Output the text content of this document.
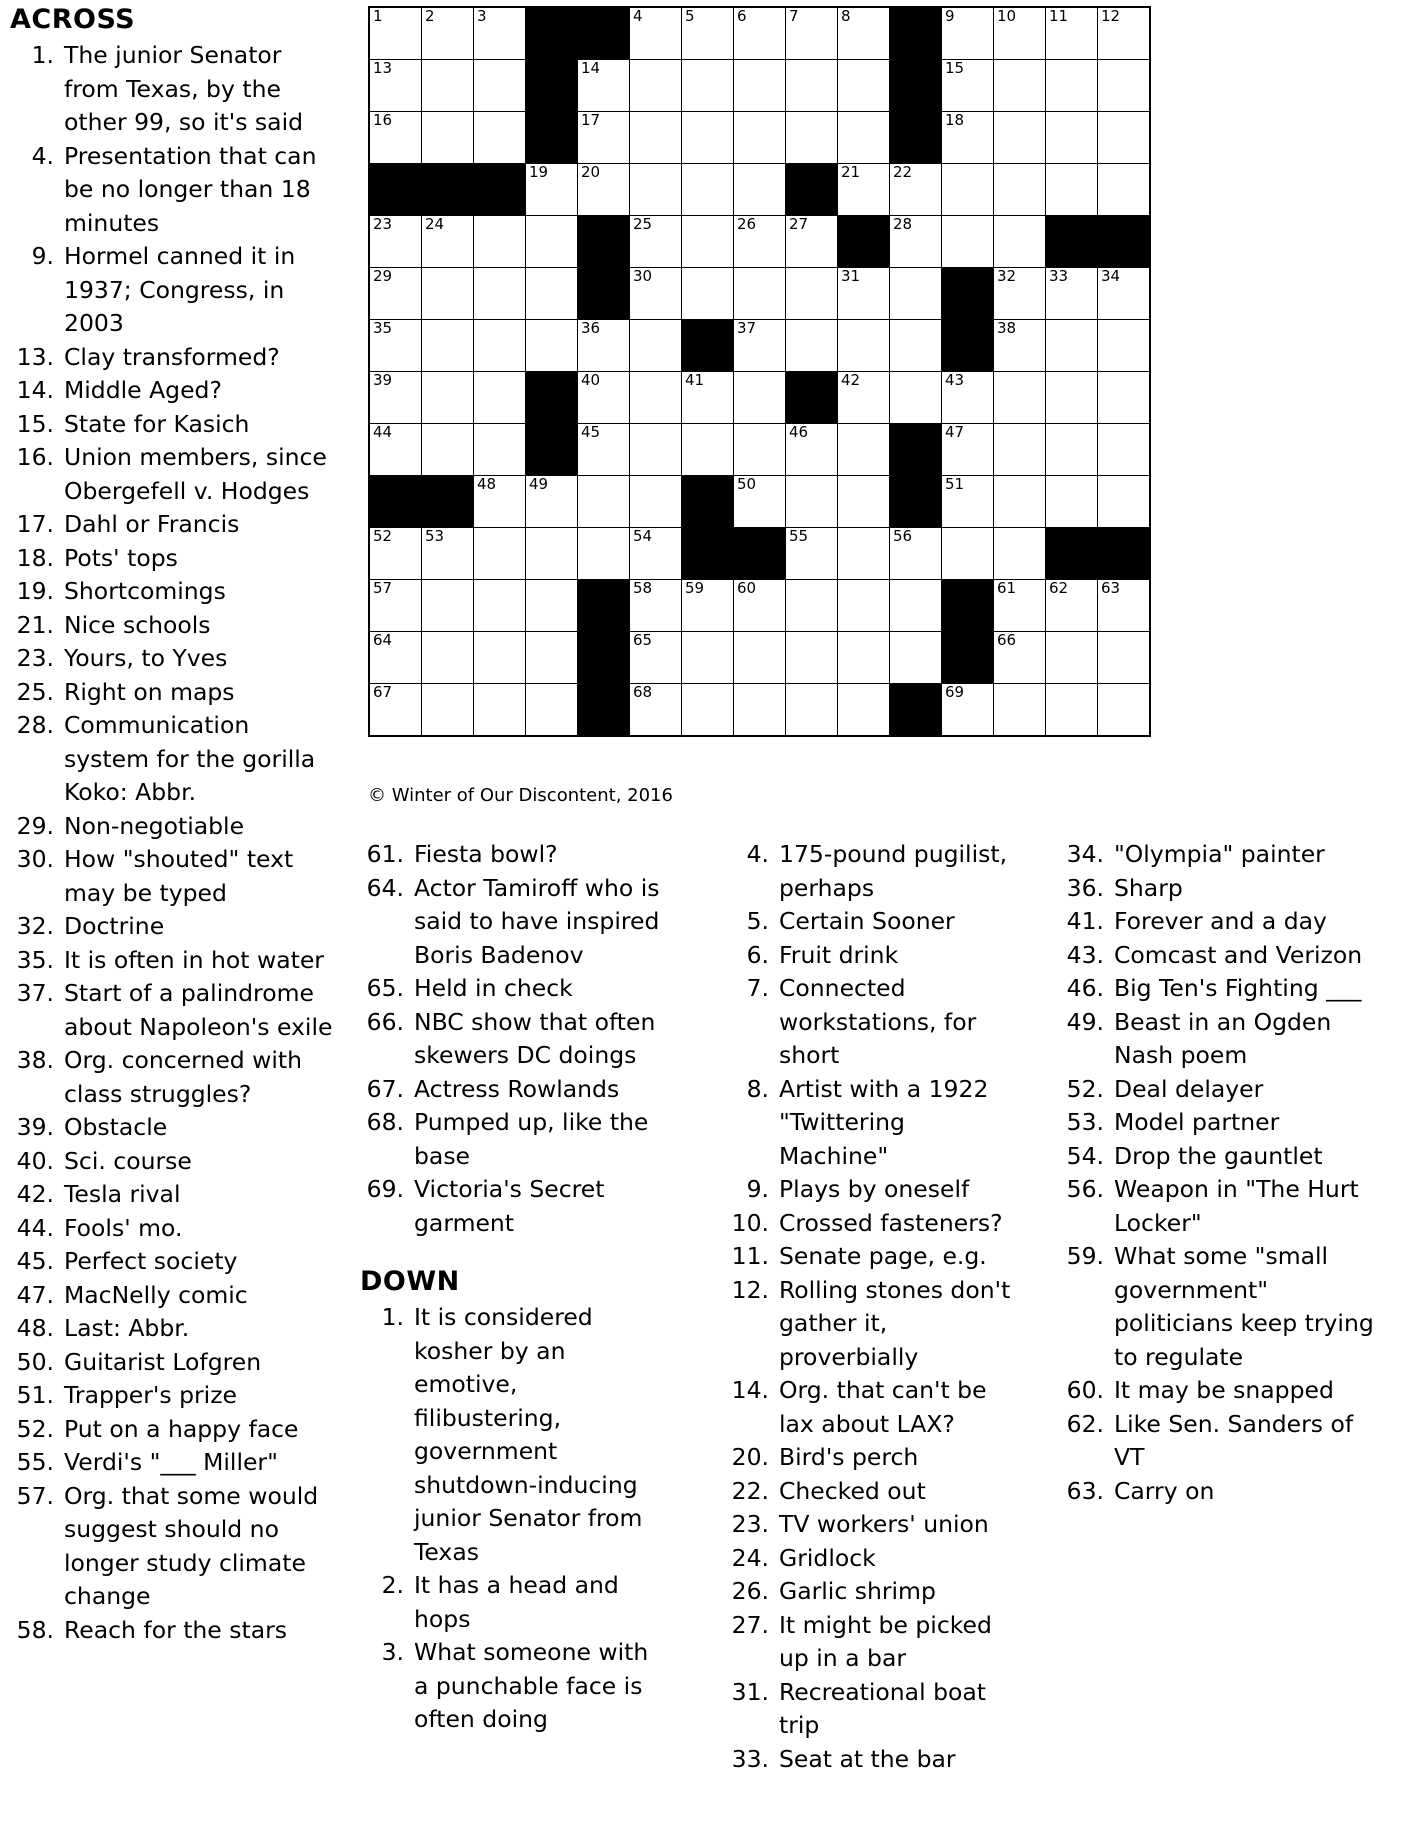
ACROSS
1. The junior Senator from Texas, by the other 99, so it's said
4. Presentation that can be no longer than 18 minutes
9. Hormel canned it in 1937; Congress, in 2003
13. Clay transformed?
14. Middle Aged?
15. State for Kasich
16. Union members, since Obergefell v. Hodges
17. Dahl or Francis
18. Pots' tops
19. Shortcomings
21. Nice schools
23. Yours, to Yves
25. Right on maps
28. Communication system for the gorilla Koko: Abbr.
29. Non-negotiable
30. How "shouted" text may be typed
32. Doctrine
35. It is often in hot water
37. Start of a palindrome about Napoleon's exile
38. Org. concerned with class struggles?
39. Obstacle
40. Sci. course
42. Tesla rival
44. Fools' mo.
45. Perfect society
47. MacNelly comic
48. Last: Abbr.
50. Guitarist Lofgren
51. Trapper's prize
52. Put on a happy face
55. Verdi's "___ Miller"
57. Org. that some would suggest should no longer study climate change
58. Reach for the stars
1	2	3			4	5	6	7	8		9	10	11	12

13				14							15			

16				17							18			

			19	20					21	22				

23	24				25		26	27		28				

29					30				31			32	33	34

35				36			37					38		

39				40		41			42		43			

44				45				46			47			

		48	49				50				51			

52	53				54			55		56				

57					58	59	60					61	62	63

64					65							66		

67					68						69			

© Winter of Our Discontent, 2016
61. Fiesta bowl?
64. Actor Tamiroff who is said to have inspired Boris Badenov
65. Held in check
66. NBC show that often skewers DC doings
67. Actress Rowlands
68. Pumped up, like the base
69. Victoria's Secret garment
DOWN
1. It is considered kosher by an emotive, filibustering, government shutdown-inducing junior Senator from Texas
2. It has a head and hops
3. What someone with a punchable face is often doing
4. 175-pound pugilist, perhaps
5. Certain Sooner
6. Fruit drink
7. Connected workstations, for short
8. Artist with a 1922 "Twittering Machine"
9. Plays by oneself
10. Crossed fasteners?
11. Senate page, e.g.
12. Rolling stones don't gather it, proverbially
14. Org. that can't be lax about LAX?
20. Bird's perch
22. Checked out
23. TV workers' union
24. Gridlock
26. Garlic shrimp
27. It might be picked up in a bar
31. Recreational boat trip
33. Seat at the bar
34. "Olympia" painter
36. Sharp
41. Forever and a day
43. Comcast and Verizon
46. Big Ten's Fighting ___
49. Beast in an Ogden Nash poem
52. Deal delayer
53. Model partner
54. Drop the gauntlet
56. Weapon in "The Hurt Locker"
59. What some "small government" politicians keep trying to regulate
60. It may be snapped
62. Like Sen. Sanders of VT
63. Carry on
